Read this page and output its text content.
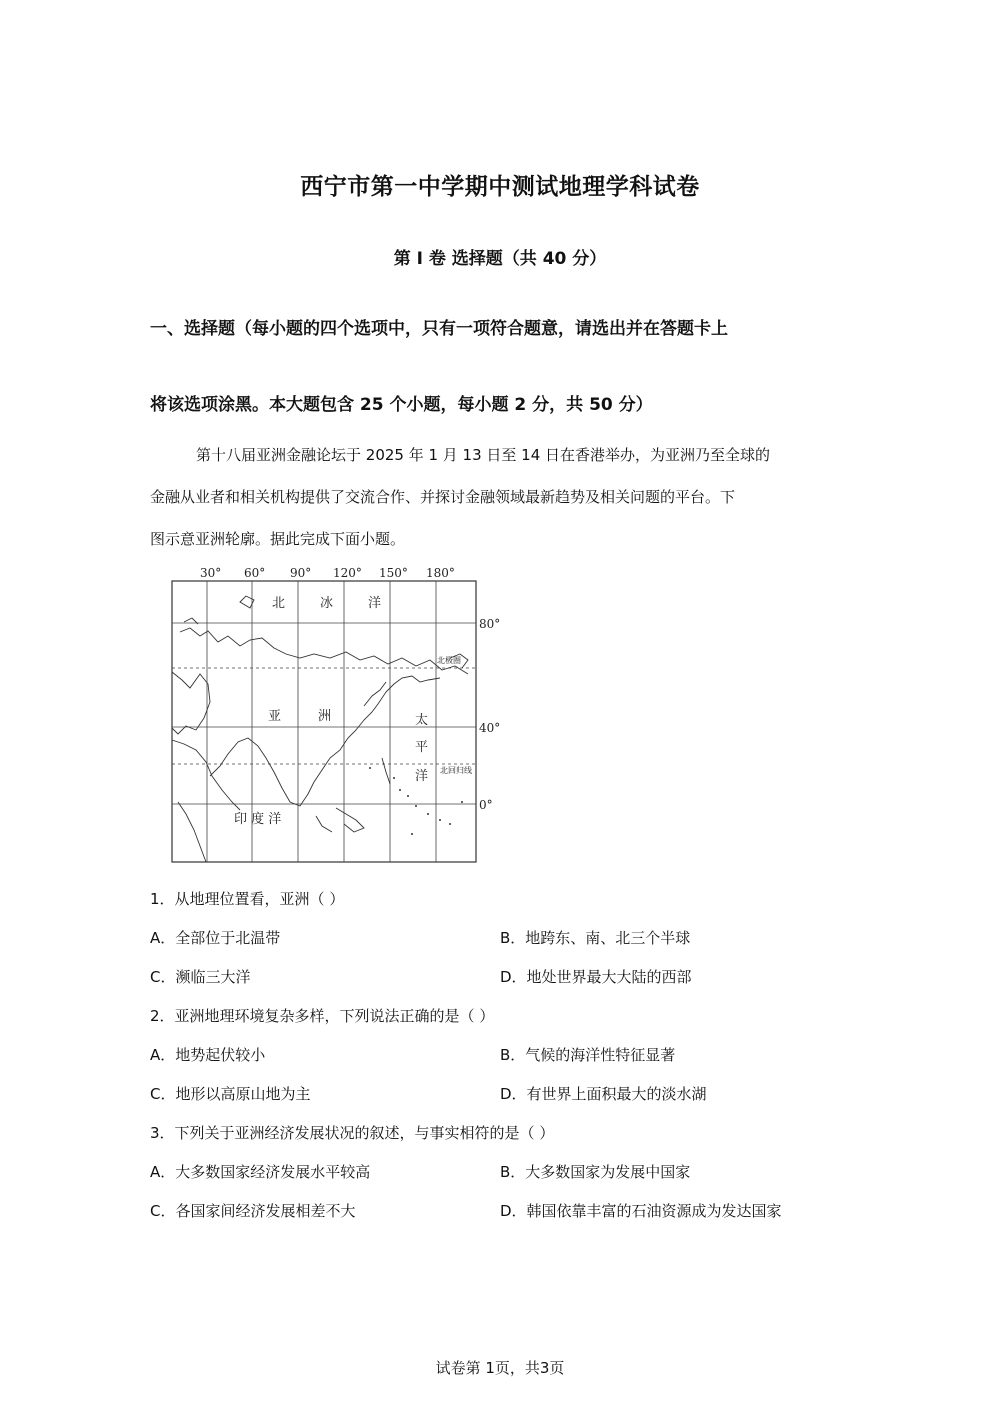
西宁市第一中学期中测试地理学科试卷
第 I 卷 选择题（共 40 分）
一、选择题（每小题的四个选项中，只有一项符合题意，请选出并在答题卡上
将该选项涂黑。本大题包含 25 个小题，每小题 2 分，共 50 分）
第十八届亚洲金融论坛于 2025 年 1 月 13 日至 14 日在香港举办，为亚洲乃至全球的
金融从业者和相关机构提供了交流合作、并探讨金融领域最新趋势及相关问题的平台。下
图示意亚洲轮廓。据此完成下面小题。
30° 60° 90° 120° 150° 180°
80°
40°
0°
北极圈
北回归线
北	冰	洋
亚	洲	太
平
洋
印 度 洋
1．从地理位置看，亚洲（ ）
A．全部位于北温带	B．地跨东、南、北三个半球
C．濒临三大洋	D．地处世界最大大陆的西部
2．亚洲地理环境复杂多样，下列说法正确的是（ ）
A．地势起伏较小	B．气候的海洋性特征显著
C．地形以高原山地为主	D．有世界上面积最大的淡水湖
3．下列关于亚洲经济发展状况的叙述，与事实相符的是（ ）
A．大多数国家经济发展水平较高	B．大多数国家为发展中国家
C．各国家间经济发展相差不大	D．韩国依靠丰富的石油资源成为发达国家
试卷第 1页，共3页
